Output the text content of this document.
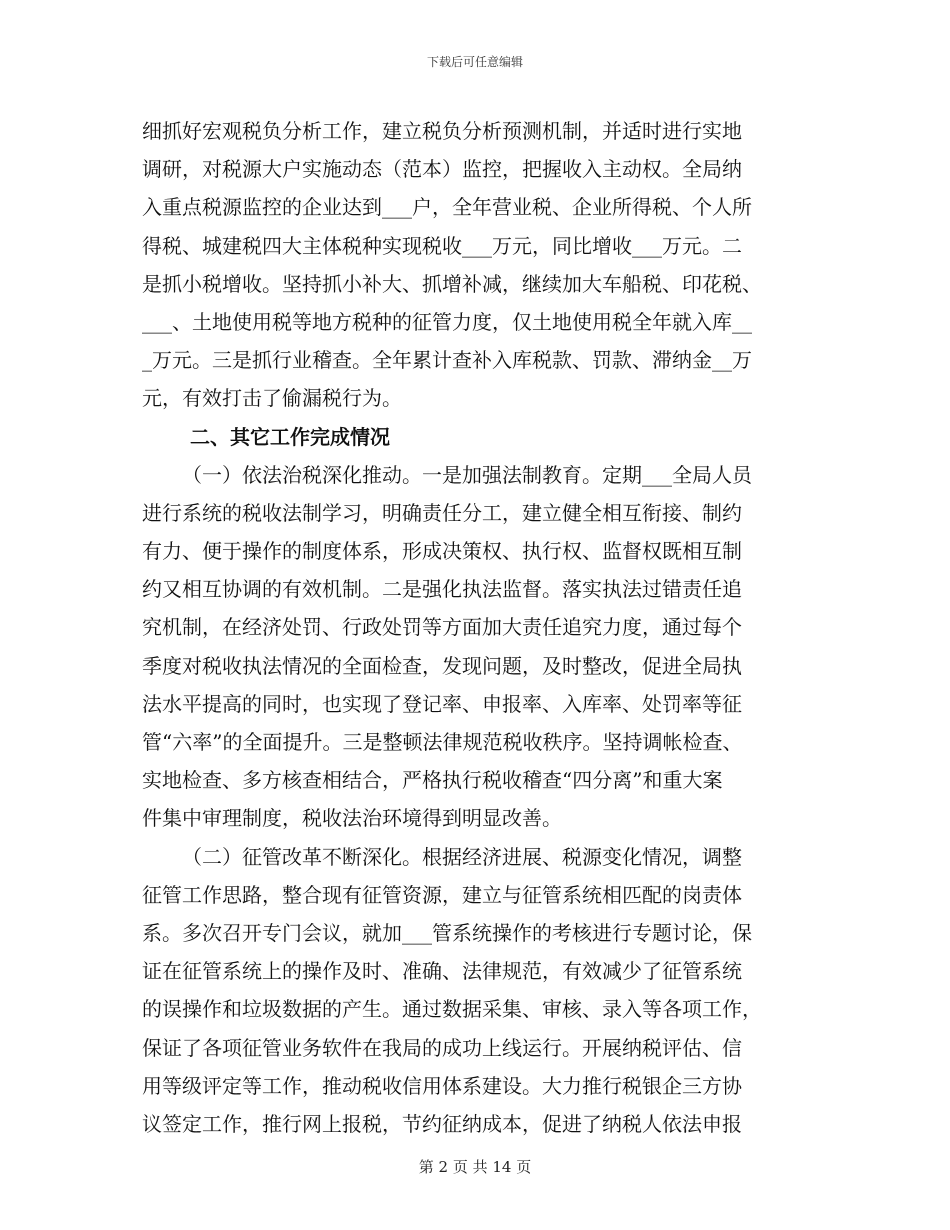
下载后可任意编辑
细抓好宏观税负分析工作，建立税负分析预测机制，并适时进行实地
调研，对税源大户实施动态（范本）监控，把握收入主动权。全局纳
入重点税源监控的企业达到___户，全年营业税、企业所得税、个人所
得税、城建税四大主体税种实现税收___万元，同比增收___万元。二
是抓小税增收。坚持抓小补大、抓增补减，继续加大车船税、印花税、
___、土地使用税等地方税种的征管力度，仅土地使用税全年就入库__
_万元。三是抓行业稽查。全年累计查补入库税款、罚款、滞纳金__万
元，有效打击了偷漏税行为。
二、其它工作完成情况
（一）依法治税深化推动。一是加强法制教育。定期___全局人员
进行系统的税收法制学习，明确责任分工，建立健全相互衔接、制约
有力、便于操作的制度体系，形成决策权、执行权、监督权既相互制
约又相互协调的有效机制。二是强化执法监督。落实执法过错责任追
究机制，在经济处罚、行政处罚等方面加大责任追究力度，通过每个
季度对税收执法情况的全面检查，发现问题，及时整改，促进全局执
法水平提高的同时，也实现了登记率、申报率、入库率、处罚率等征
管“六率”的全面提升。三是整顿法律规范税收秩序。坚持调帐检查、
实地检查、多方核查相结合，严格执行税收稽查“四分离”和重大案
件集中审理制度，税收法治环境得到明显改善。
（二）征管改革不断深化。根据经济进展、税源变化情况，调整
征管工作思路，整合现有征管资源，建立与征管系统相匹配的岗责体
系。多次召开专门会议，就加___管系统操作的考核进行专题讨论，保
证在征管系统上的操作及时、准确、法律规范，有效减少了征管系统
的误操作和垃圾数据的产生。通过数据采集、审核、录入等各项工作，
保证了各项征管业务软件在我局的成功上线运行。开展纳税评估、信
用等级评定等工作，推动税收信用体系建设。大力推行税银企三方协
议签定工作，推行网上报税，节约征纳成本，促进了纳税人依法申报
第 2 页 共 14 页
